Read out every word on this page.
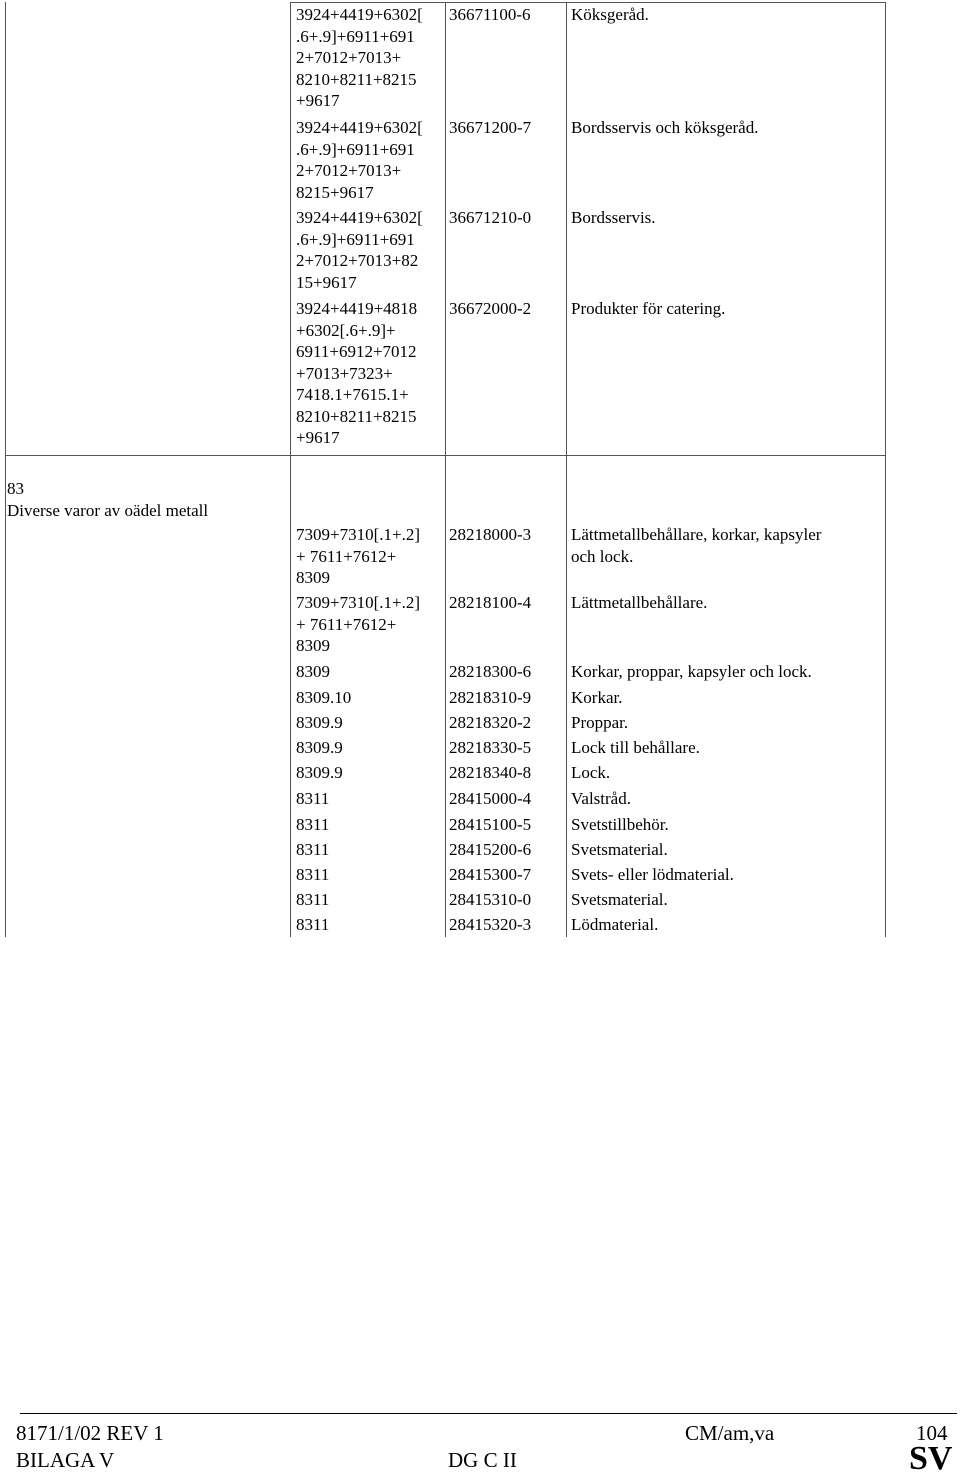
83
Diverse varor av oädel metall
3924+4419+6302[
.6+.9]+6911+691
2+7012+7013+
8210+8211+8215
+9617
36671100-6	Köksgeråd.
3924+4419+6302[
.6+.9]+6911+691
2+7012+7013+
8215+9617
36671200-7	Bordsservis och köksgeråd.
3924+4419+6302[
.6+.9]+6911+691
2+7012+7013+82
15+9617
36671210-0	Bordsservis.
3924+4419+4818
+6302[.6+.9]+
6911+6912+7012
+7013+7323+
7418.1+7615.1+
8210+8211+8215
+9617
36672000-2	Produkter för catering.
7309+7310[.1+.2]
+ 7611+7612+
8309
28218000-3	Lättmetallbehållare, korkar, kapsyler
och lock.
7309+7310[.1+.2]
+ 7611+7612+
8309
28218100-4	Lättmetallbehållare.
8309	28218300-6	Korkar, proppar, kapsyler och lock.
8309.10	28218310-9	Korkar.
8309.9	28218320-2	Proppar.
8309.9	28218330-5	Lock till behållare.
8309.9	28218340-8	Lock.
8311	28415000-4	Valstråd.
8311	28415100-5	Svetstillbehör.
8311	28415200-6	Svetsmaterial.
8311	28415300-7	Svets- eller lödmaterial.
8311	28415310-0	Svetsmaterial.
8311	28415320-3	Lödmaterial.
8171/1/02 REV 1
BILAGA V
CM/am,va
DG C II
104
SV
